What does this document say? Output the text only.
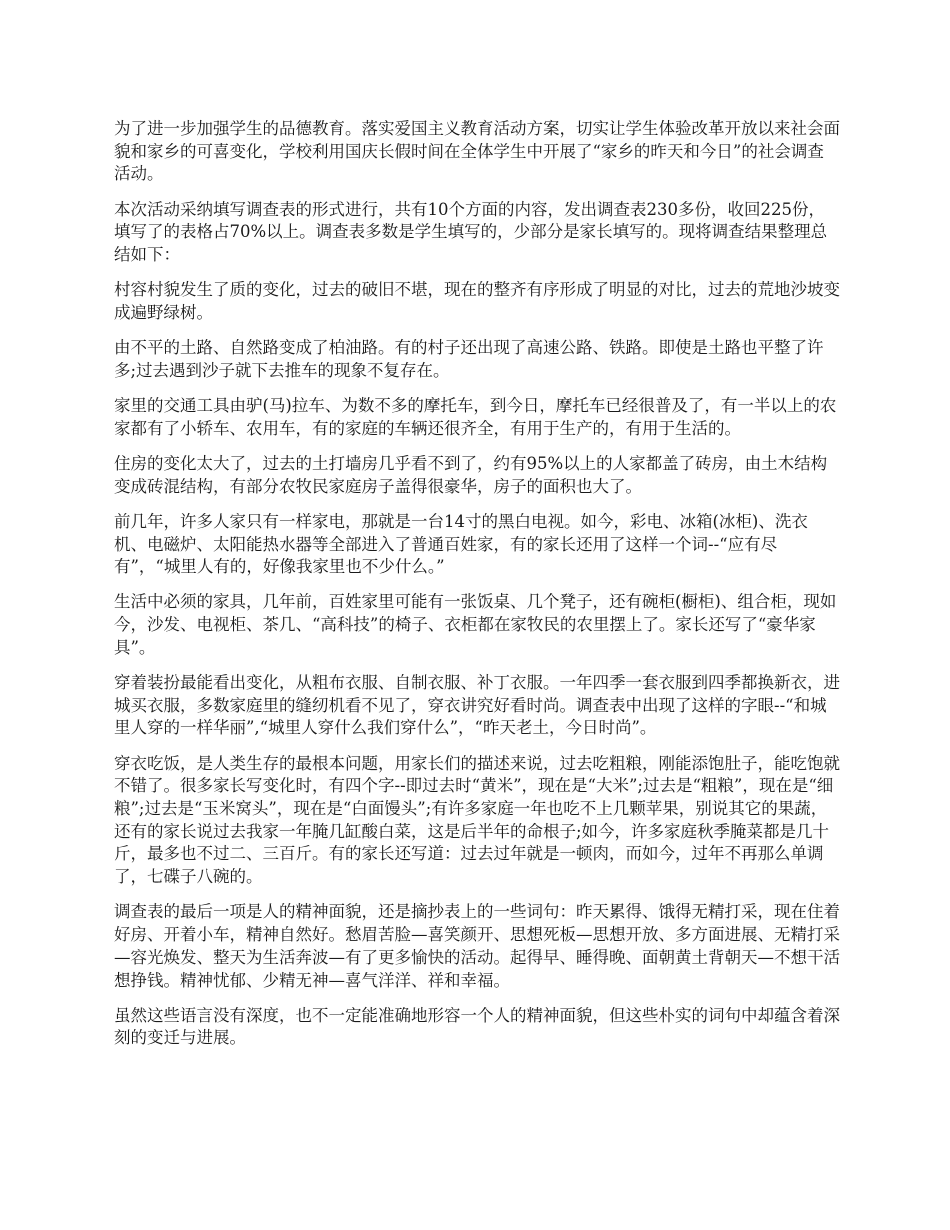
为了进一步加强学生的品德教育。落实爱国主义教育活动方案，切实让学生体验改革开放以来社会面貌和家乡的可喜变化，学校利用国庆长假时间在全体学生中开展了“家乡的昨天和今日”的社会调查活动。

本次活动采纳填写调查表的形式进行，共有10个方面的内容，发出调查表230多份，收回225份，填写了的表格占70%以上。调查表多数是学生填写的，少部分是家长填写的。现将调查结果整理总结如下：

村容村貌发生了质的变化，过去的破旧不堪，现在的整齐有序形成了明显的对比，过去的荒地沙坡变成遍野绿树。

由不平的土路、自然路变成了柏油路。有的村子还出现了高速公路、铁路。即使是土路也平整了许多;过去遇到沙子就下去推车的现象不复存在。

家里的交通工具由驴(马)拉车、为数不多的摩托车，到今日，摩托车已经很普及了，有一半以上的农家都有了小轿车、农用车，有的家庭的车辆还很齐全，有用于生产的，有用于生活的。

住房的变化太大了，过去的土打墙房几乎看不到了，约有95%以上的人家都盖了砖房，由土木结构变成砖混结构，有部分农牧民家庭房子盖得很豪华，房子的面积也大了。

前几年，许多人家只有一样家电，那就是一台14寸的黑白电视。如今，彩电、冰箱(冰柜)、洗衣机、电磁炉、太阳能热水器等全部进入了普通百姓家，有的家长还用了这样一个词--“应有尽有”，“城里人有的，好像我家里也不少什么。”

生活中必须的家具，几年前，百姓家里可能有一张饭桌、几个凳子，还有碗柜(橱柜)、组合柜，现如今，沙发、电视柜、茶几、“高科技”的椅子、衣柜都在家牧民的农里摆上了。家长还写了“豪华家具”。

穿着装扮最能看出变化，从粗布衣服、自制衣服、补丁衣服。一年四季一套衣服到四季都换新衣，进城买衣服，多数家庭里的缝纫机看不见了，穿衣讲究好看时尚。调查表中出现了这样的字眼--“和城里人穿的一样华丽”,“城里人穿什么我们穿什么”，“昨天老土，今日时尚”。

穿衣吃饭，是人类生存的最根本问题，用家长们的描述来说，过去吃粗粮，刚能添饱肚子，能吃饱就不错了。很多家长写变化时，有四个字--即过去时“黄米”，现在是“大米”;过去是“粗粮”，现在是“细粮”;过去是“玉米窝头”，现在是“白面馒头”;有许多家庭一年也吃不上几颗苹果，别说其它的果蔬，还有的家长说过去我家一年腌几缸酸白菜，这是后半年的命根子;如今，许多家庭秋季腌菜都是几十斤，最多也不过二、三百斤。有的家长还写道：过去过年就是一顿肉，而如今，过年不再那么单调了，七碟子八碗的。

调查表的最后一项是人的精神面貌，还是摘抄表上的一些词句：昨天累得、饿得无精打采，现在住着好房、开着小车，精神自然好。愁眉苦脸—喜笑颜开、思想死板—思想开放、多方面进展、无精打采—容光焕发、整天为生活奔波—有了更多愉快的活动。起得早、睡得晚、面朝黄土背朝天—不想干活想挣钱。精神忧郁、少精无神—喜气洋洋、祥和幸福。

虽然这些语言没有深度，也不一定能准确地形容一个人的精神面貌，但这些朴实的词句中却蕴含着深刻的变迁与进展。
